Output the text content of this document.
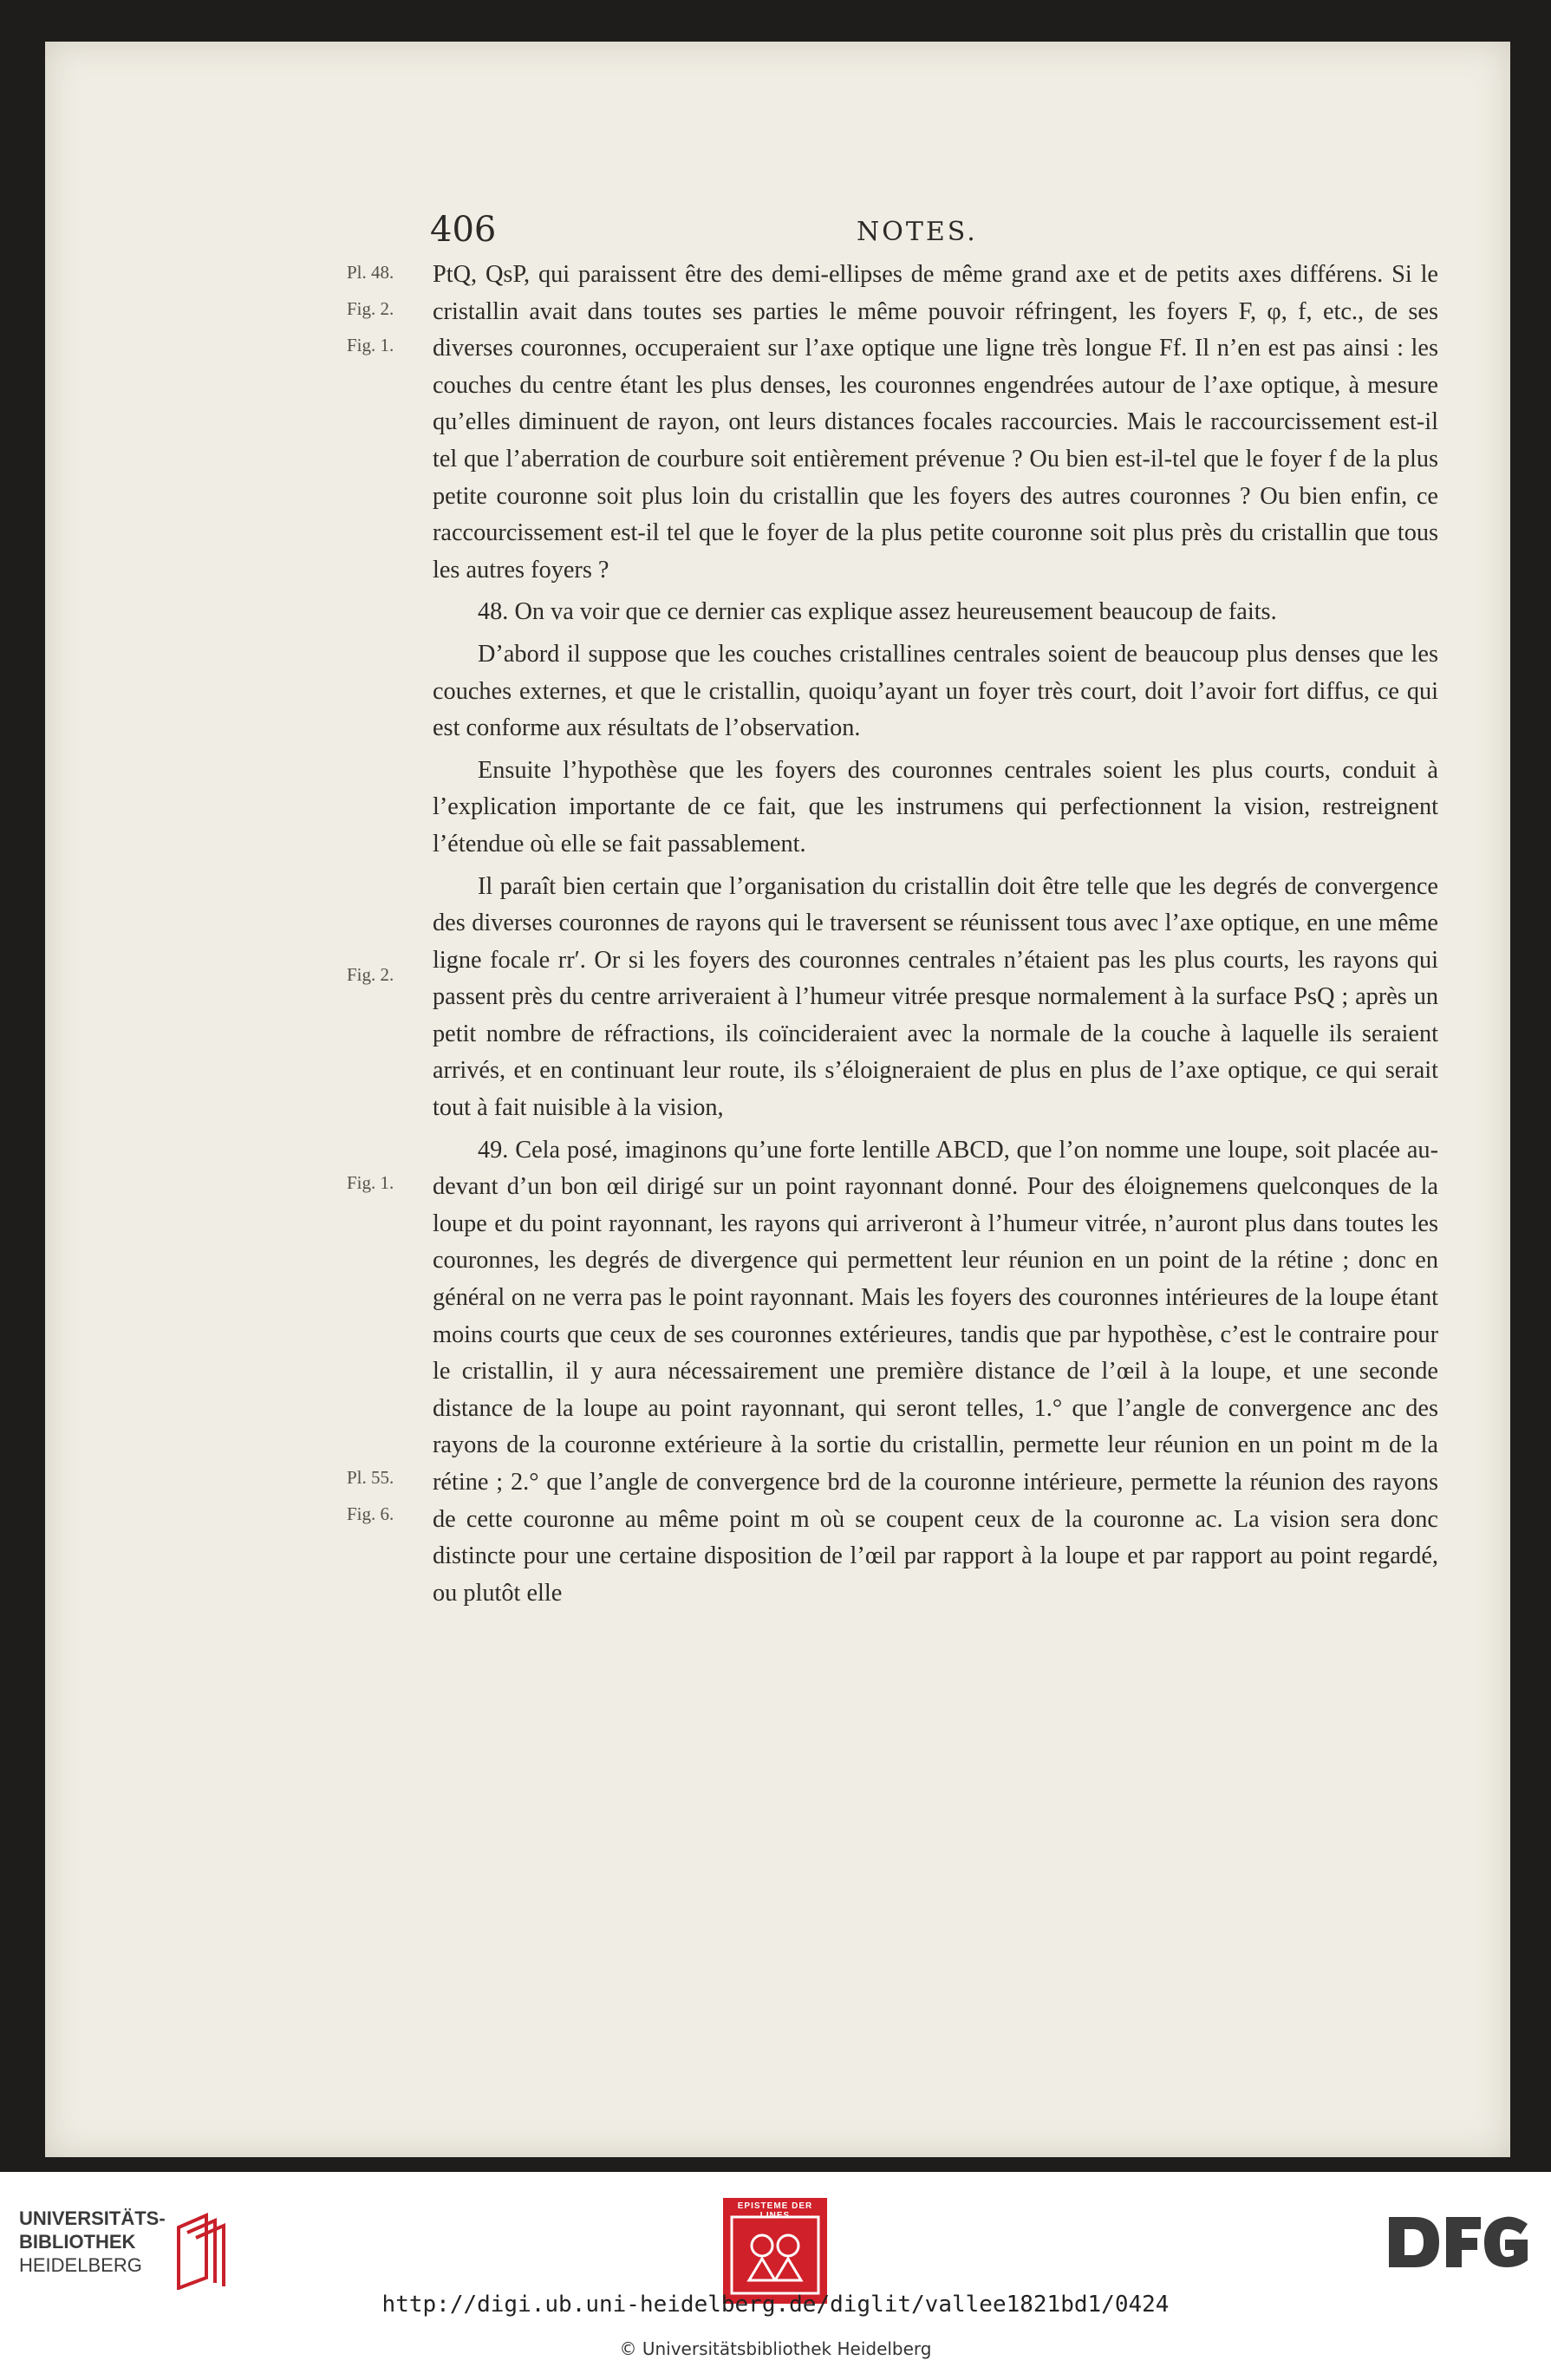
406	NOTES.
Pl. 48.
Fig. 2.
Fig. 1.
Fig. 2.
Fig. 1.
Pl. 55.
Fig. 6.

PtQ, QsP, qui paraissent être des demi-ellipses de même grand axe et de petits axes différens. Si le cristallin avait dans toutes ses parties le même pouvoir réfringent, les foyers F, φ, f, etc., de ses diverses couronnes, occuperaient sur l’axe optique une ligne très longue Ff. Il n’en est pas ainsi : les couches du centre étant les plus denses, les couronnes engendrées autour de l’axe optique, à mesure qu’elles diminuent de rayon, ont leurs distances focales raccourcies. Mais le raccourcissement est-il tel que l’aberration de courbure soit entièrement prévenue ? Ou bien est-il-tel que le foyer f de la plus petite couronne soit plus loin du cristallin que les foyers des autres couronnes ? Ou bien enfin, ce raccourcissement est-il tel que le foyer de la plus petite couronne soit plus près du cristallin que tous les autres foyers ?

48. On va voir que ce dernier cas explique assez heureusement beaucoup de faits.

D’abord il suppose que les couches cristallines centrales soient de beaucoup plus denses que les couches externes, et que le cristallin, quoiqu’ayant un foyer très court, doit l’avoir fort diffus, ce qui est conforme aux résultats de l’observation.

Ensuite l’hypothèse que les foyers des couronnes centrales soient les plus courts, conduit à l’explication importante de ce fait, que les instrumens qui perfectionnent la vision, restreignent l’étendue où elle se fait passablement.

Il paraît bien certain que l’organisation du cristallin doit être telle que les degrés de convergence des diverses couronnes de rayons qui le traversent se réunissent tous avec l’axe optique, en une même ligne focale rr′. Or si les foyers des couronnes centrales n’étaient pas les plus courts, les rayons qui passent près du centre arriveraient à l’humeur vitrée presque normalement à la surface PsQ ; après un petit nombre de réfractions, ils coïncideraient avec la normale de la couche à laquelle ils seraient arrivés, et en continuant leur route, ils s’éloigneraient de plus en plus de l’axe optique, ce qui serait tout à fait nuisible à la vision,

49. Cela posé, imaginons qu’une forte lentille ABCD, que l’on nomme une loupe, soit placée au-devant d’un bon œil dirigé sur un point rayonnant donné. Pour des éloignemens quelconques de la loupe et du point rayonnant, les rayons qui arriveront à l’humeur vitrée, n’auront plus dans toutes les couronnes, les degrés de divergence qui permettent leur réunion en un point de la rétine ; donc en général on ne verra pas le point rayonnant. Mais les foyers des couronnes intérieures de la loupe étant moins courts que ceux de ses couronnes extérieures, tandis que par hypothèse, c’est le contraire pour le cristallin, il y aura nécessairement une première distance de l’œil à la loupe, et une seconde distance de la loupe au point rayonnant, qui seront telles, 1.° que l’angle de convergence anc des rayons de la couronne extérieure à la sortie du cristallin, permette leur réunion en un point m de la rétine ; 2.° que l’angle de convergence brd de la couronne intérieure, permette la réunion des rayons de cette couronne au même point m où se coupent ceux de la couronne ac. La vision sera donc distincte pour une certaine disposition de l’œil par rapport à la loupe et par rapport au point regardé, ou plutôt elle

UNIVERSITÄTS-
BIBLIOTHEK
HEIDELBERG
EPISTEME DER LINES
http://digi.ub.uni-heidelberg.de/diglit/vallee1821bd1/0424
© Universitätsbibliothek Heidelberg
